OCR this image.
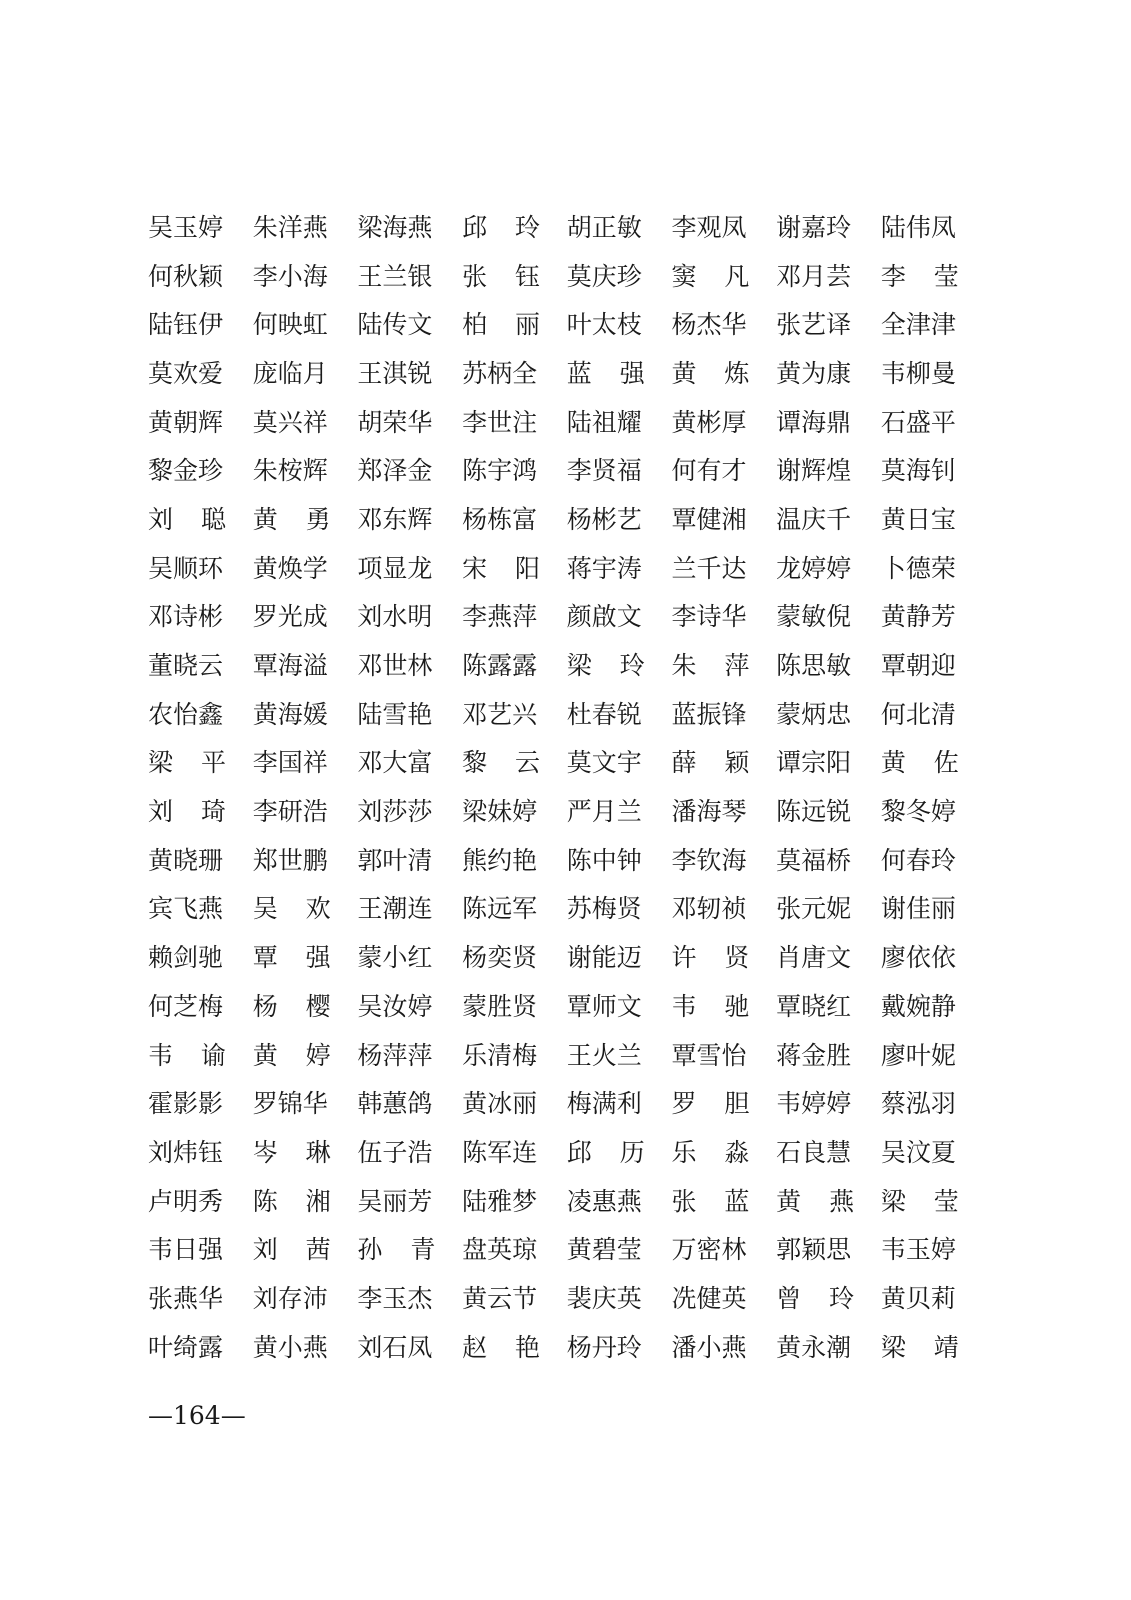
吴玉婷 朱洋燕 梁海燕 邱 玲 胡正敏 李观凤 谢嘉玲 陆伟凤
何秋颖 李小海 王兰银 张 钰 莫庆珍 窦 凡 邓月芸 李 莹
陆钰伊 何映虹 陆传文 柏 丽 叶太枝 杨杰华 张艺译 全津津
莫欢爱 庞临月 王淇锐 苏柄全 蓝 强 黄 炼 黄为康 韦柳曼
黄朝辉 莫兴祥 胡荣华 李世注 陆祖耀 黄彬厚 谭海鼎 石盛平
黎金珍 朱桉辉 郑泽金 陈宇鸿 李贤福 何有才 谢辉煌 莫海钊
刘 聪 黄 勇 邓东辉 杨栋富 杨彬艺 覃健湘 温庆千 黄日宝
吴顺环 黄焕学 项显龙 宋 阳 蒋宇涛 兰千达 龙婷婷 卜德荣
邓诗彬 罗光成 刘水明 李燕萍 颜啟文 李诗华 蒙敏倪 黄静芳
董晓云 覃海溢 邓世林 陈露露 梁 玲 朱 萍 陈思敏 覃朝迎
农怡鑫 黄海媛 陆雪艳 邓艺兴 杜春锐 蓝振锋 蒙炳忠 何北清
梁 平 李国祥 邓大富 黎 云 莫文宇 薛 颖 谭宗阳 黄 佐
刘 琦 李研浩 刘莎莎 梁妹婷 严月兰 潘海琴 陈远锐 黎冬婷
黄晓珊 郑世鹏 郭叶清 熊约艳 陈中钟 李钦海 莫福桥 何春玲
宾飞燕 吴 欢 王潮连 陈远军 苏梅贤 邓轫祯 张元妮 谢佳丽
赖剑驰 覃 强 蒙小红 杨奕贤 谢能迈 许 贤 肖唐文 廖依依
何芝梅 杨 樱 吴汝婷 蒙胜贤 覃师文 韦 驰 覃晓红 戴婉静
韦 谕 黄 婷 杨萍萍 乐清梅 王火兰 覃雪怡 蒋金胜 廖叶妮
霍影影 罗锦华 韩蕙鸽 黄冰丽 梅满利 罗 胆 韦婷婷 蔡泓羽
刘炜钰 岑 琳 伍子浩 陈军连 邱 历 乐 淼 石良慧 吴汶夏
卢明秀 陈 湘 吴丽芳 陆雅梦 凌惠燕 张 蓝 黄 燕 梁 莹
韦日强 刘 茜 孙 青 盘英琼 黄碧莹 万密林 郭颖思 韦玉婷
张燕华 刘存沛 李玉杰 黄云节 裴庆英 冼健英 曾 玲 黄贝莉
叶绮露 黄小燕 刘石凤 赵 艳 杨丹玲 潘小燕 黄永潮 梁 靖
—164—
